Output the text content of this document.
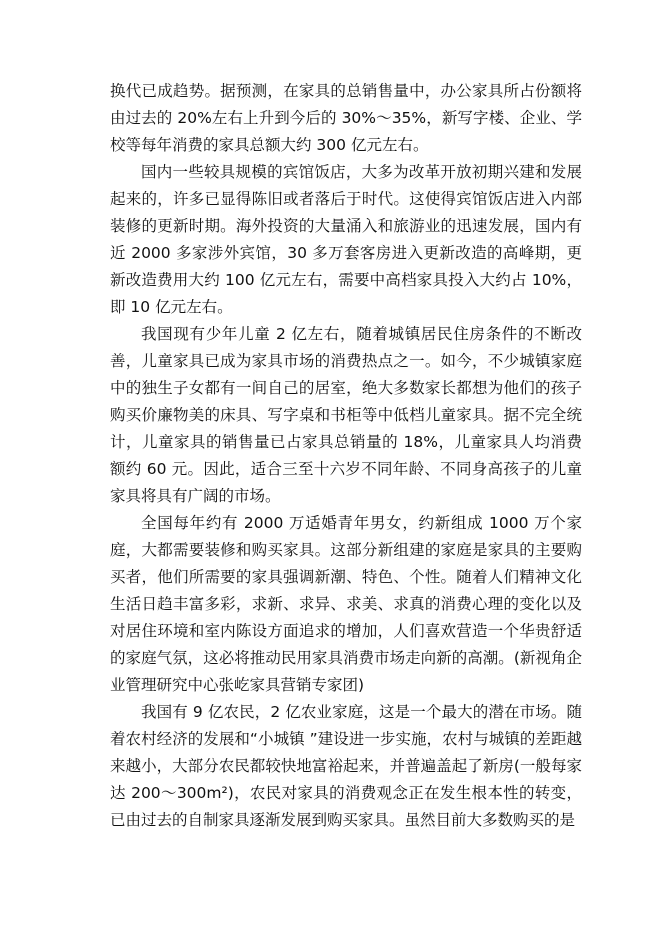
换代已成趋势。据预测，在家具的总销售量中，办公家具所占份额将由过去的 20%左右上升到今后的 30%～35%，新写字楼、企业、学校等每年消费的家具总额大约 300 亿元左右。

国内一些较具规模的宾馆饭店，大多为改革开放初期兴建和发展起来的，许多已显得陈旧或者落后于时代。这使得宾馆饭店进入内部装修的更新时期。海外投资的大量涌入和旅游业的迅速发展，国内有近 2000 多家涉外宾馆，30 多万套客房进入更新改造的高峰期，更新改造费用大约 100 亿元左右，需要中高档家具投入大约占 10%，即 10 亿元左右。

我国现有少年儿童 2 亿左右，随着城镇居民住房条件的不断改善，儿童家具已成为家具市场的消费热点之一。如今，不少城镇家庭中的独生子女都有一间自己的居室，绝大多数家长都想为他们的孩子购买价廉物美的床具、写字桌和书柜等中低档儿童家具。据不完全统计，儿童家具的销售量已占家具总销量的 18%，儿童家具人均消费额约 60 元。因此，适合三至十六岁不同年龄、不同身高孩子的儿童家具将具有广阔的市场。

全国每年约有 2000 万适婚青年男女，约新组成 1000 万个家庭，大都需要装修和购买家具。这部分新组建的家庭是家具的主要购买者，他们所需要的家具强调新潮、特色、个性。随着人们精神文化生活日趋丰富多彩，求新、求异、求美、求真的消费心理的变化以及对居住环境和室内陈设方面追求的增加，人们喜欢营造一个华贵舒适的家庭气氛，这必将推动民用家具消费市场走向新的高潮。(新视角企业管理研究中心张屹家具营销专家团)

我国有 9 亿农民，2 亿农业家庭，这是一个最大的潜在市场。随着农村经济的发展和“小城镇 ”建设进一步实施，农村与城镇的差距越来越小，大部分农民都较快地富裕起来，并普遍盖起了新房(一般每家达 200～300m²)，农民对家具的消费观念正在发生根本性的转变，已由过去的自制家具逐渐发展到购买家具。虽然目前大多数购买的是
